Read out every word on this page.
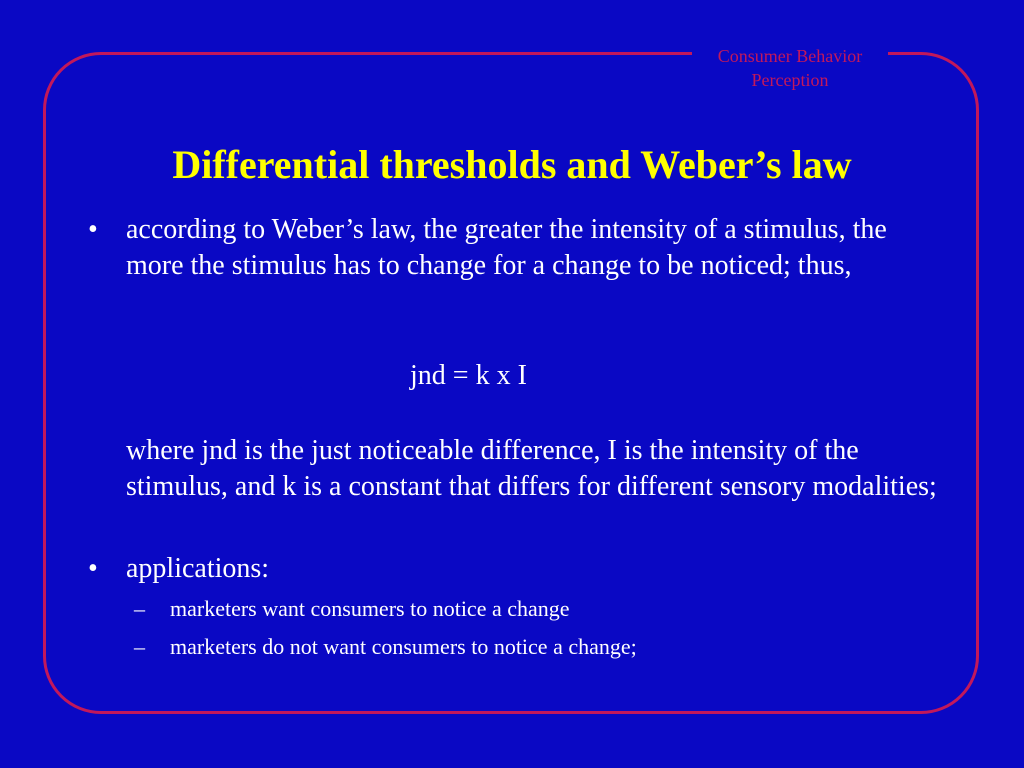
Consumer Behavior
Perception
Differential thresholds and Weber’s law
• according to Weber’s law, the greater the intensity of a stimulus, the more the stimulus has to change for a change to be noticed; thus,
jnd = k x I
where jnd is the just noticeable difference, I is the intensity of the stimulus, and k is a constant that differs for different sensory modalities;
• applications:
– marketers want consumers to notice a change
– marketers do not want consumers to notice a change;
